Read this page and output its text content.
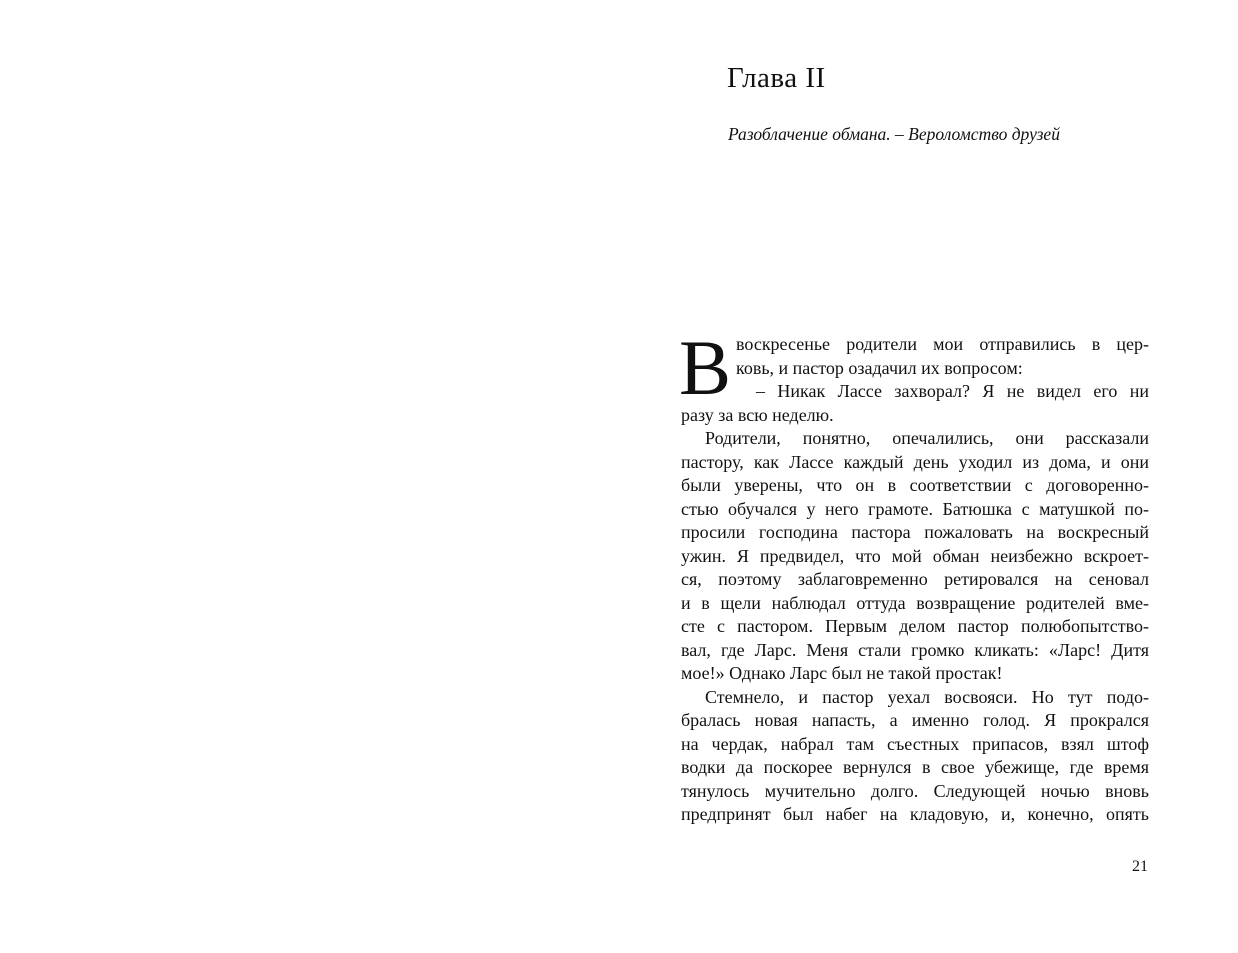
Глава II

Разоблачение обмана. – Вероломство друзей

В воскресенье родители мои отправились в цер-
ковь, и пастор озадачил их вопросом:
– Никак Лассе захворал? Я не видел его ни
разу за всю неделю.
Родители, понятно, опечалились, они рассказали
пастору, как Лассе каждый день уходил из дома, и они
были уверены, что он в соответствии с договоренно-
стью обучался у него грамоте. Батюшка с матушкой по-
просили господина пастора пожаловать на воскресный
ужин. Я предвидел, что мой обман неизбежно вскроет-
ся, поэтому заблаговременно ретировался на сеновал
и в щели наблюдал оттуда возвращение родителей вме-
сте с пастором. Первым делом пастор полюбопытство-
вал, где Ларс. Меня стали громко кликать: «Ларс! Дитя
мое!» Однако Ларс был не такой простак!
Стемнело, и пастор уехал восвояси. Но тут подо-
бралась новая напасть, а именно голод. Я прокрался
на чердак, набрал там съестных припасов, взял штоф
водки да поскорее вернулся в свое убежище, где время
тянулось мучительно долго. Следующей ночью вновь
предпринят был набег на кладовую, и, конечно, опять
21
